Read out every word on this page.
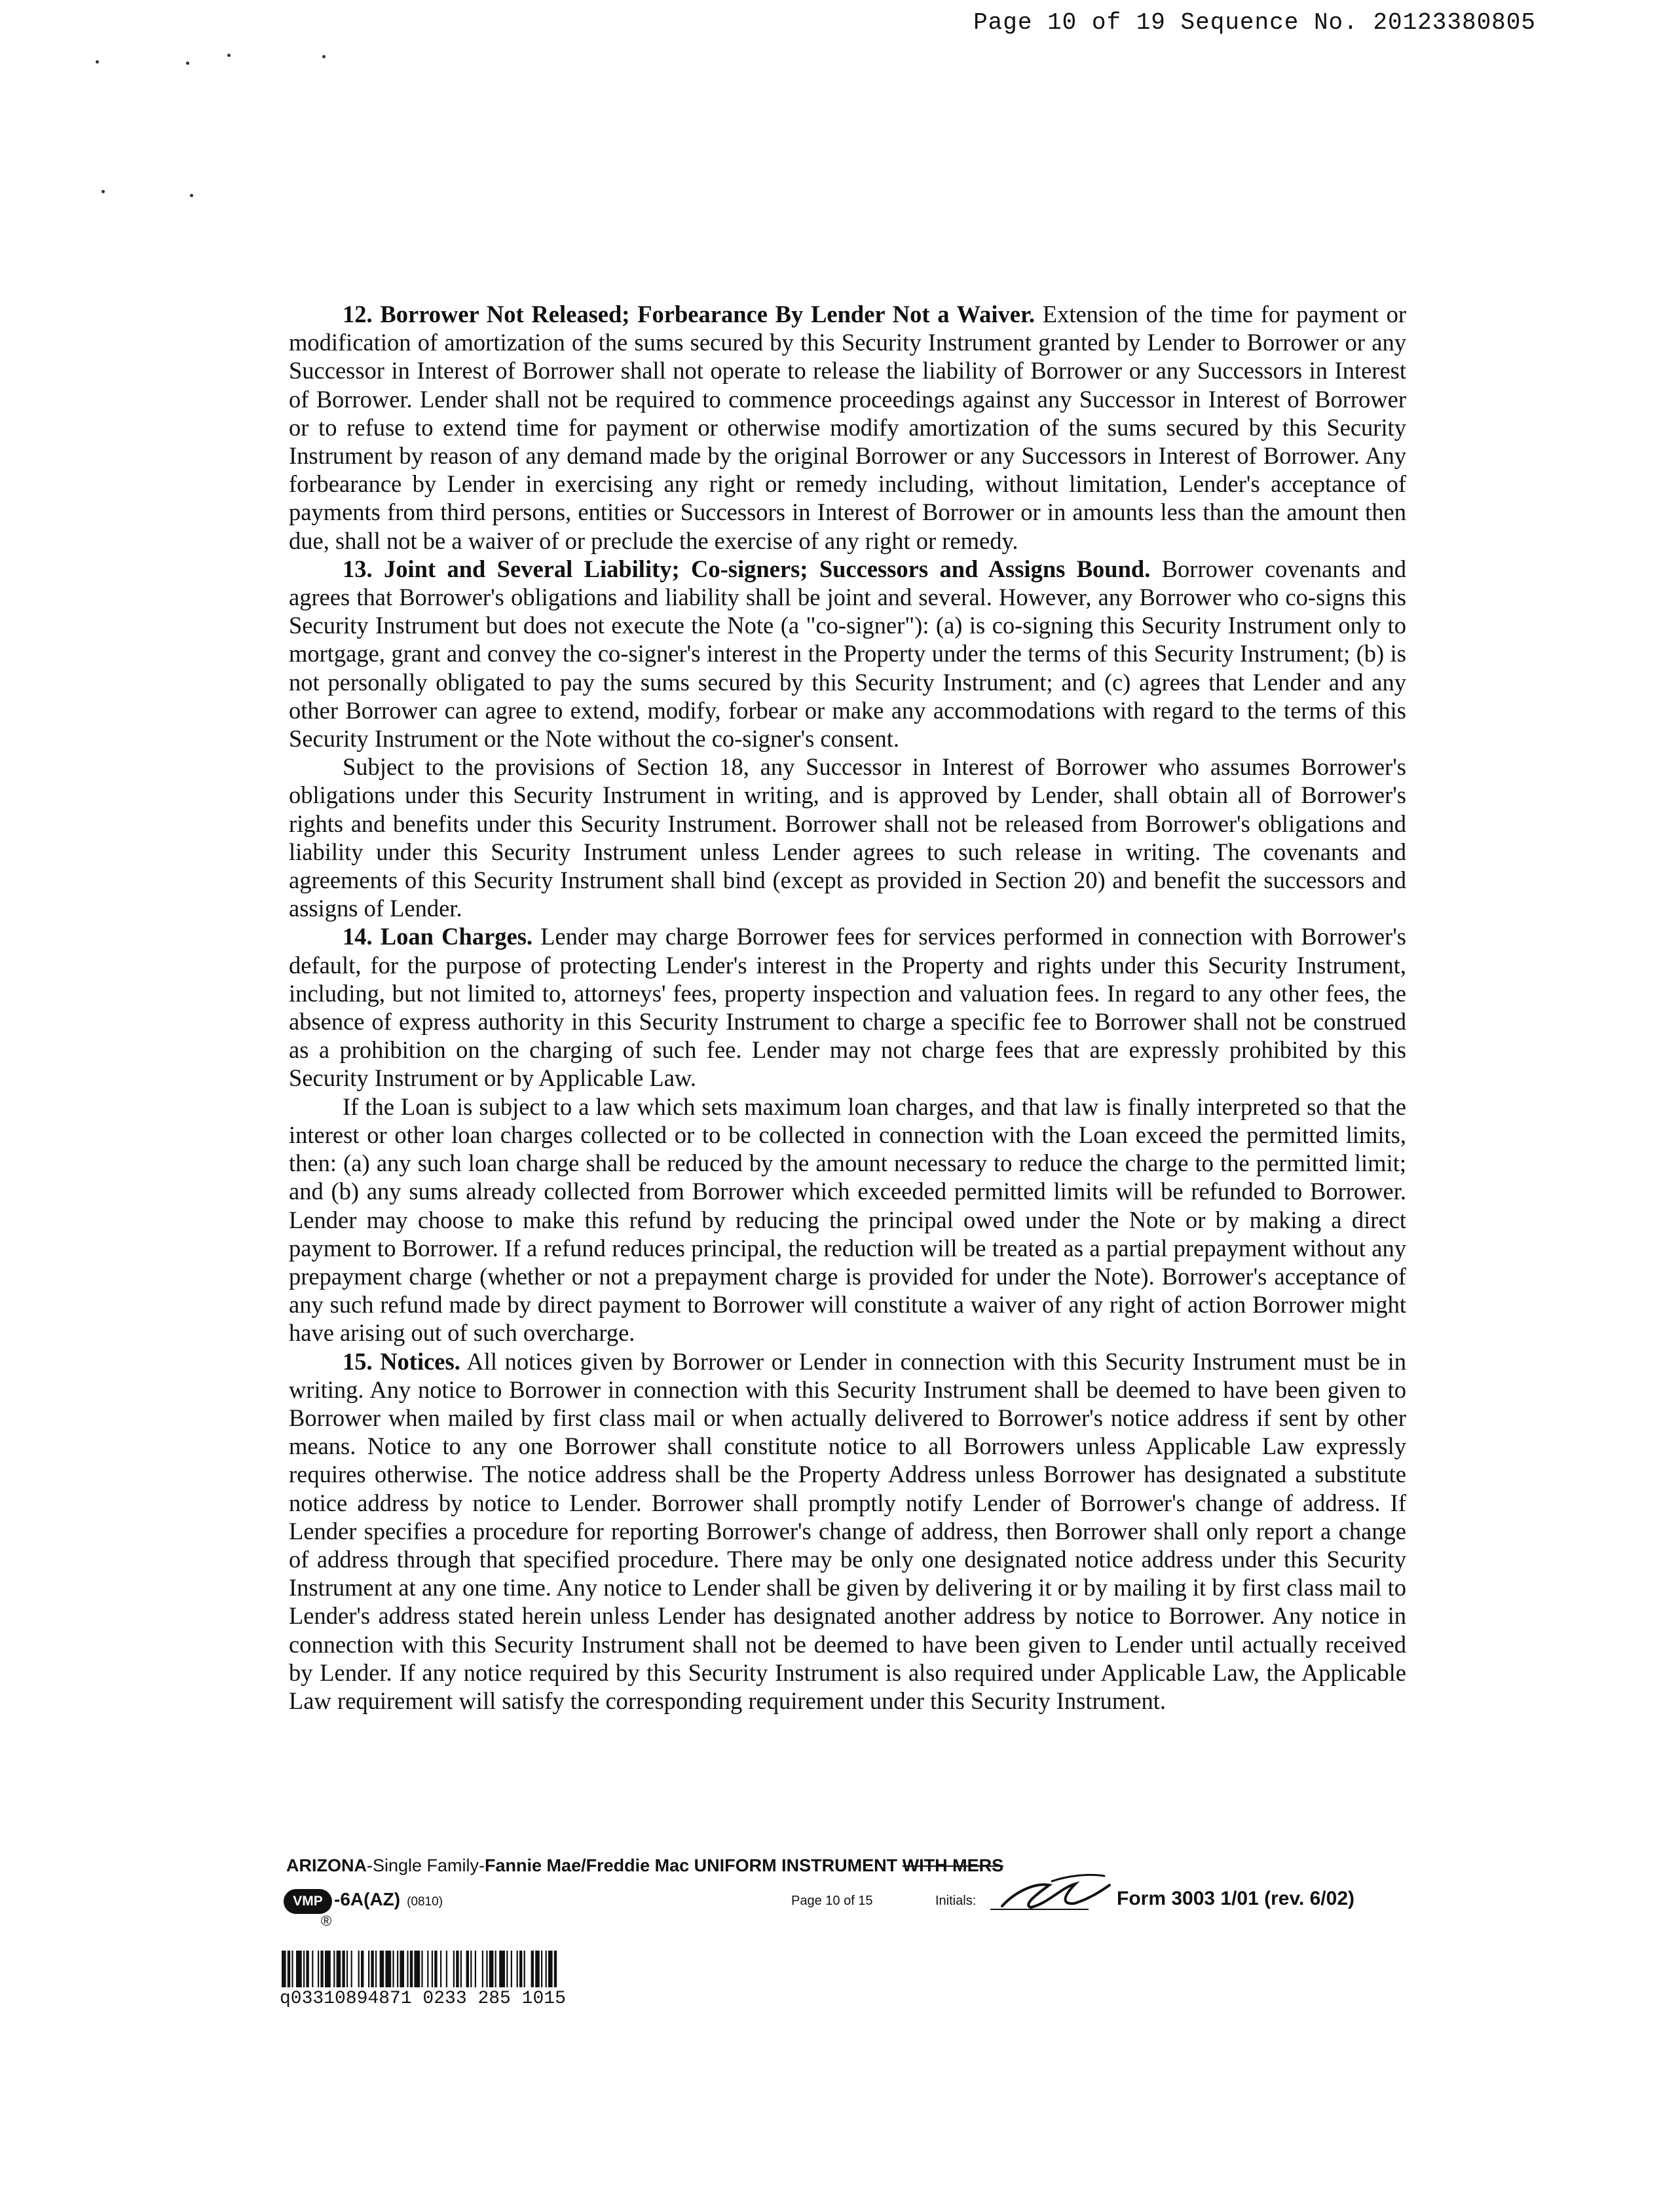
Page 10 of 19 Sequence No. 20123380805

12. Borrower Not Released; Forbearance By Lender Not a Waiver. Extension of the time for payment or modification of amortization of the sums secured by this Security Instrument granted by Lender to Borrower or any Successor in Interest of Borrower shall not operate to release the liability of Borrower or any Successors in Interest of Borrower. Lender shall not be required to commence proceedings against any Successor in Interest of Borrower or to refuse to extend time for payment or otherwise modify amortization of the sums secured by this Security Instrument by reason of any demand made by the original Borrower or any Successors in Interest of Borrower. Any forbearance by Lender in exercising any right or remedy including, without limitation, Lender's acceptance of payments from third persons, entities or Successors in Interest of Borrower or in amounts less than the amount then due, shall not be a waiver of or preclude the exercise of any right or remedy.

13. Joint and Several Liability; Co-signers; Successors and Assigns Bound. Borrower covenants and agrees that Borrower's obligations and liability shall be joint and several. However, any Borrower who co-signs this Security Instrument but does not execute the Note (a "co-signer"): (a) is co-signing this Security Instrument only to mortgage, grant and convey the co-signer's interest in the Property under the terms of this Security Instrument; (b) is not personally obligated to pay the sums secured by this Security Instrument; and (c) agrees that Lender and any other Borrower can agree to extend, modify, forbear or make any accommodations with regard to the terms of this Security Instrument or the Note without the co-signer's consent.

Subject to the provisions of Section 18, any Successor in Interest of Borrower who assumes Borrower's obligations under this Security Instrument in writing, and is approved by Lender, shall obtain all of Borrower's rights and benefits under this Security Instrument. Borrower shall not be released from Borrower's obligations and liability under this Security Instrument unless Lender agrees to such release in writing. The covenants and agreements of this Security Instrument shall bind (except as provided in Section 20) and benefit the successors and assigns of Lender.

14. Loan Charges. Lender may charge Borrower fees for services performed in connection with Borrower's default, for the purpose of protecting Lender's interest in the Property and rights under this Security Instrument, including, but not limited to, attorneys' fees, property inspection and valuation fees. In regard to any other fees, the absence of express authority in this Security Instrument to charge a specific fee to Borrower shall not be construed as a prohibition on the charging of such fee. Lender may not charge fees that are expressly prohibited by this Security Instrument or by Applicable Law.

If the Loan is subject to a law which sets maximum loan charges, and that law is finally interpreted so that the interest or other loan charges collected or to be collected in connection with the Loan exceed the permitted limits, then: (a) any such loan charge shall be reduced by the amount necessary to reduce the charge to the permitted limit; and (b) any sums already collected from Borrower which exceeded permitted limits will be refunded to Borrower. Lender may choose to make this refund by reducing the principal owed under the Note or by making a direct payment to Borrower. If a refund reduces principal, the reduction will be treated as a partial prepayment without any prepayment charge (whether or not a prepayment charge is provided for under the Note). Borrower's acceptance of any such refund made by direct payment to Borrower will constitute a waiver of any right of action Borrower might have arising out of such overcharge.

15. Notices. All notices given by Borrower or Lender in connection with this Security Instrument must be in writing. Any notice to Borrower in connection with this Security Instrument shall be deemed to have been given to Borrower when mailed by first class mail or when actually delivered to Borrower's notice address if sent by other means. Notice to any one Borrower shall constitute notice to all Borrowers unless Applicable Law expressly requires otherwise. The notice address shall be the Property Address unless Borrower has designated a substitute notice address by notice to Lender. Borrower shall promptly notify Lender of Borrower's change of address. If Lender specifies a procedure for reporting Borrower's change of address, then Borrower shall only report a change of address through that specified procedure. There may be only one designated notice address under this Security Instrument at any one time. Any notice to Lender shall be given by delivering it or by mailing it by first class mail to Lender's address stated herein unless Lender has designated another address by notice to Borrower. Any notice in connection with this Security Instrument shall not be deemed to have been given to Lender until actually received by Lender. If any notice required by this Security Instrument is also required under Applicable Law, the Applicable Law requirement will satisfy the corresponding requirement under this Security Instrument.

ARIZONA-Single Family-Fannie Mae/Freddie Mac UNIFORM INSTRUMENT WITH MERS
VMP
®
-6A(AZ) (0810)	Page 10 of 15	Initials:	Form 3003 1/01 (rev. 6/02)
q03310894871 0233 285 1015
